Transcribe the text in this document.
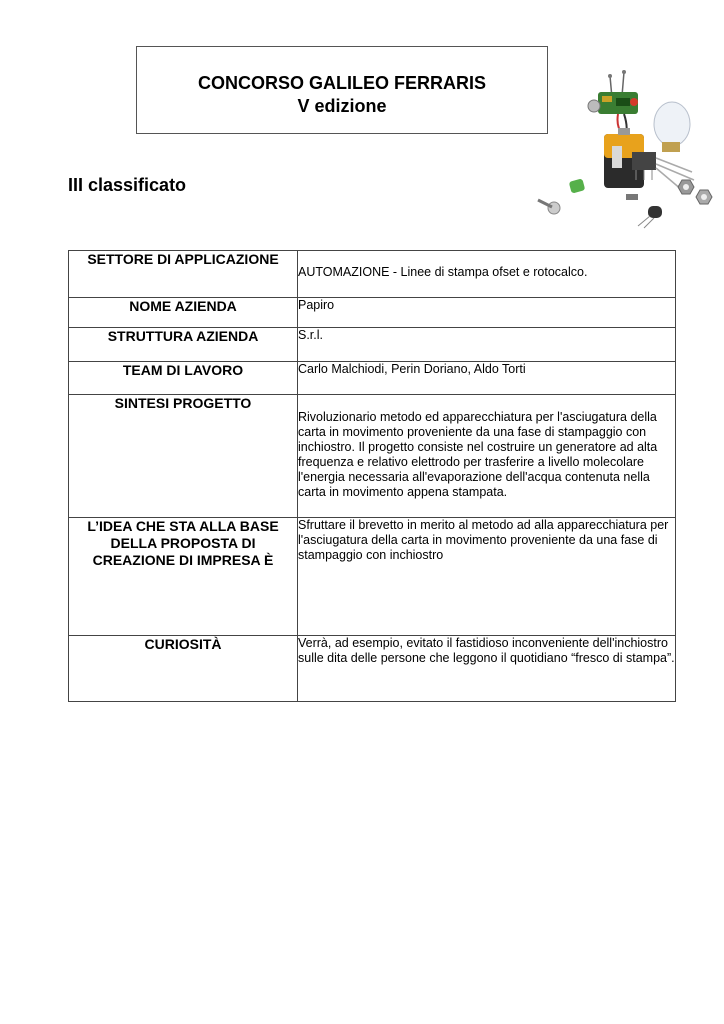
CONCORSO GALILEO FERRARIS
V edizione
III classificato
SETTORE DI APPLICAZIONE	AUTOMAZIONE - Linee di stampa ofset e rotocalco.

NOME AZIENDA	Papiro
STRUTTURA AZIENDA	S.r.l.
TEAM DI LAVORO	Carlo Malchiodi, Perin Doriano, Aldo Torti
SINTESI PROGETTO	Rivoluzionario metodo ed apparecchiatura per l'asciugatura della carta in movimento proveniente da una fase di stampaggio con inchiostro. Il progetto consiste nel costruire un generatore ad alta frequenza e relativo elettrodo per trasferire a livello molecolare l'energia necessaria all'evaporazione dell'acqua contenuta nella carta in movimento appena stampata.

L’IDEA CHE STA ALLA BASE DELLA PROPOSTA DI CREAZIONE DI IMPRESA È	Sfruttare il brevetto in merito al metodo ad alla apparecchiatura per l'asciugatura della carta in movimento proveniente da una fase di stampaggio con inchiostro
CURIOSITÀ	Verrà, ad esempio, evitato il fastidioso inconveniente dell'inchiostro sulle dita delle persone che leggono il quotidiano “fresco di stampa”.
